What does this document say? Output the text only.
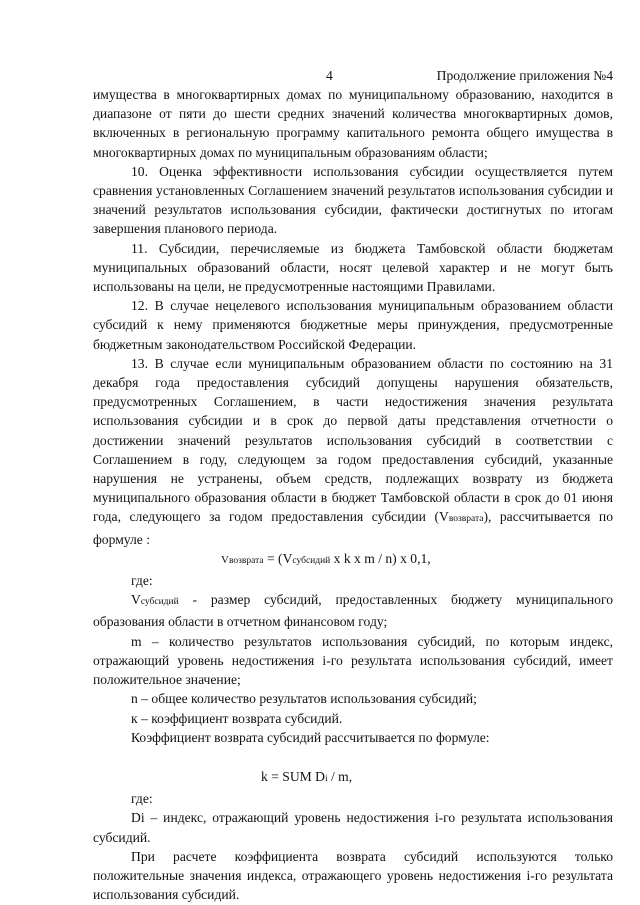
4	Продолжение приложения №4

имущества в многоквартирных домах по муниципальному образованию, находится в диапазоне от пяти до шести средних значений количества многоквартирных домов, включенных в региональную программу капитального ремонта общего имущества в многоквартирных домах по муниципальным образованиям области;

10. Оценка эффективности использования субсидии осуществляется путем сравнения установленных Соглашением значений результатов использования субсидии и значений результатов использования субсидии, фактически достигнутых по итогам завершения планового периода.

11. Субсидии, перечисляемые из бюджета Тамбовской области бюджетам муниципальных образований области, носят целевой характер и не могут быть использованы на цели, не предусмотренные настоящими Правилами.

12. В случае нецелевого использования муниципальным образованием области субсидий к нему применяются бюджетные меры принуждения, предусмотренные бюджетным законодательством Российской Федерации.

13. В случае если муниципальным образованием области по состоянию на 31 декабря года предоставления субсидий допущены нарушения обязательств, предусмотренных Соглашением, в части недостижения значения результата использования субсидии и в срок до первой даты представления отчетности о достижении значений результатов использования субсидий в соответствии с Соглашением в году, следующем за годом предоставления субсидий, указанные нарушения не устранены, объем средств, подлежащих возврату из бюджета муниципального образования области в бюджет Тамбовской области в срок до 01 июня года, следующего за годом предоставления субсидии (Vвозврата), рассчитывается по формуле :

Vвозврата = (Vсубсидий x k x m / n) x 0,1,

где:

Vсубсидий - размер субсидий, предоставленных бюджету муниципального образования области в отчетном финансовом году;

m – количество результатов использования субсидий, по которым индекс, отражающий уровень недостижения i-го результата использования субсидий, имеет положительное значение;

n – общее количество результатов использования субсидий;

к – коэффициент возврата субсидий.

Коэффициент возврата субсидий рассчитывается по формуле:

k = SUM Di / m,

где:

Di – индекс, отражающий уровень недостижения i-го результата использования субсидий.

При расчете коэффициента возврата субсидий используются только положительные значения индекса, отражающего уровень недостижения i-го результата использования субсидий.
